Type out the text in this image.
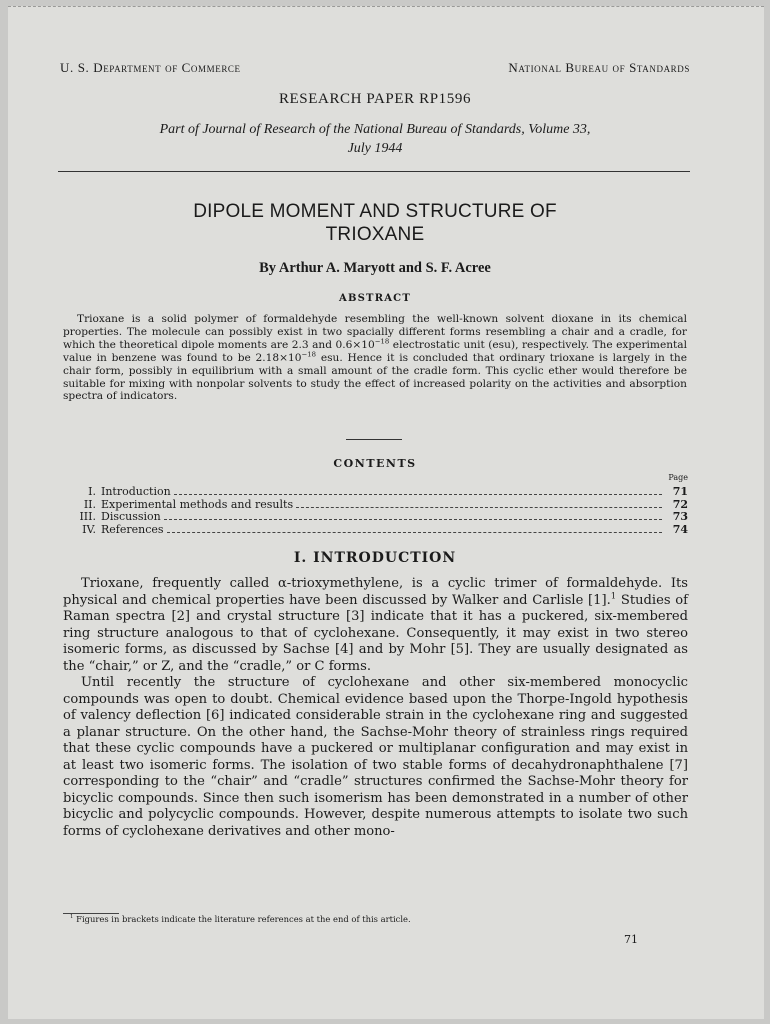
U. S. Department of Commerce	National Bureau of Standards
RESEARCH PAPER RP1596
Part of Journal of Research of the National Bureau of Standards, Volume 33,
July 1944
DIPOLE MOMENT AND STRUCTURE OF
TRIOXANE
By Arthur A. Maryott and S. F. Acree
ABSTRACT
Trioxane is a solid polymer of formaldehyde resembling the well-known solvent dioxane in its chemical properties. The molecule can possibly exist in two spacially different forms resembling a chair and a cradle, for which the theoretical dipole moments are 2.3 and $0.6\times 10^{-18}$ electrostatic unit (esu), respectively. The experimental value in benzene was found to be $2.18\times 10^{-18}$ esu. Hence it is concluded that ordinary trioxane is largely in the chair form, possibly in equilibrium with a small amount of the cradle form. This cyclic ether would therefore be suitable for mixing with nonpolar solvents to study the effect of increased polarity on the activities and absorption spectra of indicators.
CONTENTS
Page
I. Introduction	71
II. Experimental methods and results	72
III. Discussion	73
IV. References	74
I. INTRODUCTION

Trioxane, frequently called α-trioxymethylene, is a cyclic trimer of formaldehyde. Its physical and chemical properties have been discussed by Walker and Carlisle [1].$^1$ Studies of Raman spectra [2] and crystal structure [3] indicate that it has a puckered, six-membered ring structure analogous to that of cyclohexane. Consequently, it may exist in two stereo isomeric forms, as discussed by Sachse [4] and by Mohr [5]. They are usually designated as the “chair,” or Z, and the “cradle,” or C forms.

Until recently the structure of cyclohexane and other six-membered monocyclic compounds was open to doubt. Chemical evidence based upon the Thorpe-Ingold hypothesis of valency deflection [6] indicated considerable strain in the cyclohexane ring and suggested a planar structure. On the other hand, the Sachse-Mohr theory of strainless rings required that these cyclic compounds have a puckered or multiplanar configuration and may exist in at least two isomeric forms. The isolation of two stable forms of decahydronaphthalene [7] corresponding to the “chair” and “cradle” structures confirmed the Sachse-Mohr theory for bicyclic compounds. Since then such isomerism has been demonstrated in a number of other bicyclic and polycyclic compounds. However, despite numerous attempts to isolate two such forms of cyclohexane derivatives and other mono-

$^1$ Figures in brackets indicate the literature references at the end of this article.
71
